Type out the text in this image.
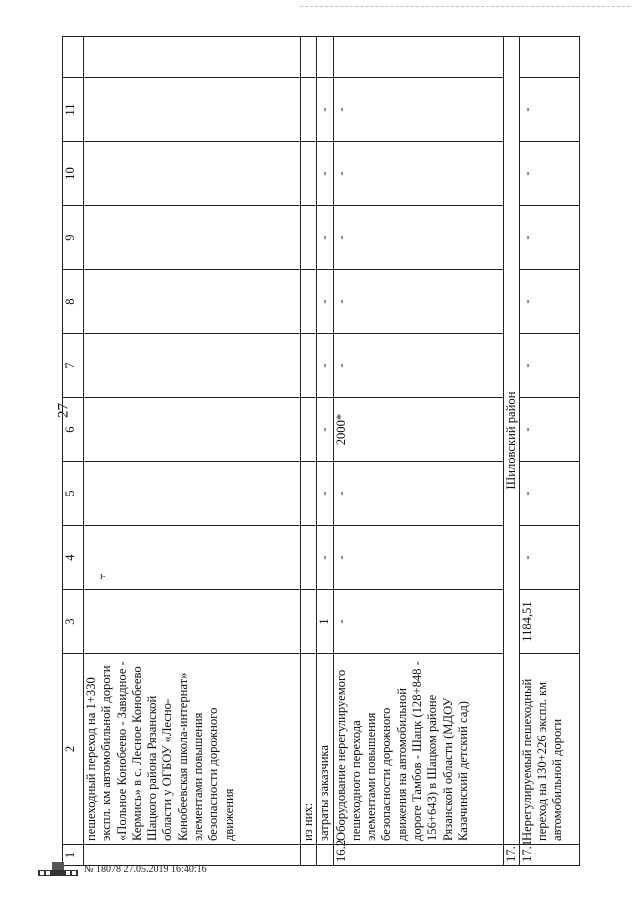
27
ⱶ
1	2	3	4	5	6	7	8	9	10	11	
	пешеходный переход на 1+330 экспл. км автомобильной дороги «Польное Конобеево - Завидное - Кермись» в с. Лесное Конобеево Шацкого района Рязанской области у ОГБОУ «Лесно-Конобеевская школа-интернат» элементами повышения безопасности дорожного движения										
	из них:										
	затраты заказчика	1	-	-	-	-	-	-	-	-	
16.2	Оборудование нерегулируемого пешеходного перехода элементами повышения безопасности дорожного движения на автомобильной дороге Тамбов - Шацк (128+848 - 156+643) в Шацком районе Рязанской области (МДОУ Казачинский детский сад)	-	-	-	2000*	-	-	-	-	-	
17.	Шиловский район										
17.1	Нерегулируемый пешеходный переход на 130+226 экспл. км автомобильной дороги	1184,51	-	-	-	-	-	-	-	-	
№ 18078 27.05.2019 16:40:16
